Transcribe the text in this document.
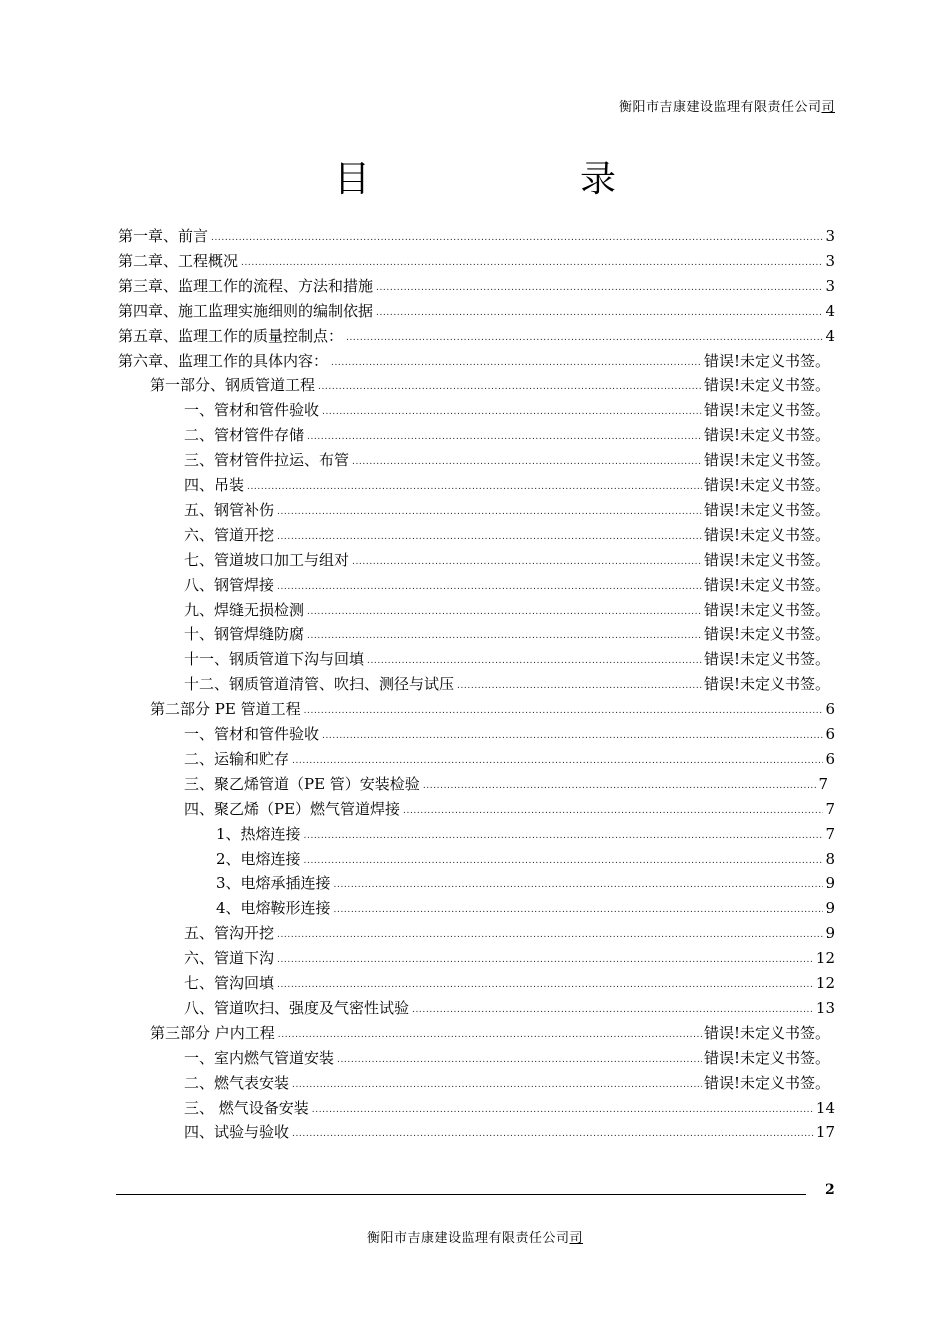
衡阳市吉康建设监理有限责任公司司
目	录
第一章、前言 .....	3
第二章、工程概况 .....	3
第三章、监理工作的流程、方法和措施 .....	3
第四章、施工监理实施细则的编制依据 .....	4
第五章、监理工作的质量控制点： .....	4
第六章、监理工作的具体内容： .....	错误!未定义书签。
第一部分、钢质管道工程 .....	错误!未定义书签。
一、管材和管件验收 .....	错误!未定义书签。
二、管材管件存储 .....	错误!未定义书签。
三、管材管件拉运、布管 .....	错误!未定义书签。
四、吊装 .....	错误!未定义书签。
五、钢管补伤 .....	错误!未定义书签。
六、管道开挖 .....	错误!未定义书签。
七、管道坡口加工与组对 .....	错误!未定义书签。
八、钢管焊接 .....	错误!未定义书签。
九、焊缝无损检测 .....	错误!未定义书签。
十、钢管焊缝防腐 .....	错误!未定义书签。
十一、钢质管道下沟与回填 .....	错误!未定义书签。
十二、钢质管道清管、吹扫、测径与试压 .....	错误!未定义书签。
第二部分 PE 管道工程 .....	6
一、管材和管件验收 .....	6
二、运输和贮存 .....	6
三、聚乙烯管道（PE 管）安装检验 .....	7
四、聚乙烯（PE）燃气管道焊接 .....	7
1、热熔连接 .....	7
2、电熔连接 .....	8
3、电熔承插连接 .....	9
4、电熔鞍形连接 .....	9
五、管沟开挖 .....	9
六、管道下沟 .....	12
七、管沟回填 .....	12
八、管道吹扫、强度及气密性试验 .....	13
第三部分 户内工程 .....	错误!未定义书签。
一、室内燃气管道安装 .....	错误!未定义书签。
二、燃气表安装 .....	错误!未定义书签。
三、 燃气设备安装 .....	14
四、试验与验收 .....	17
2
衡阳市吉康建设监理有限责任公司司
